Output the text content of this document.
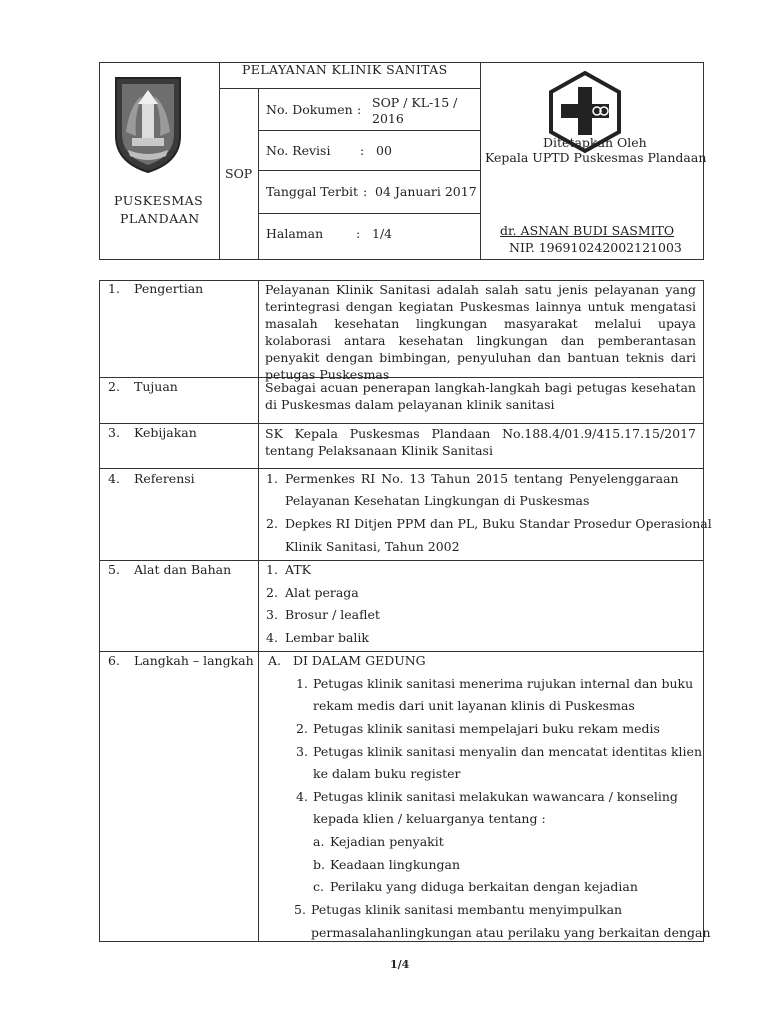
PUSKESMAS
PLANDAAN
PELAYANAN KLINIK SANITAS
SOP
No. Dokumen : SOP / KL-15 /
2016
No. Revisi : 00
Tanggal Terbit : 04 Januari 2017
Halaman	: 1/4
Ditetapkan Oleh
Kepala UPTD Puskesmas Plandaan
dr. ASNAN BUDI SASMITO
NIP. 196910242002121003
1. Pengertian	Pelayanan Klinik Sanitasi adalah salah satu jenis pelayanan yang terintegrasi dengan kegiatan Puskesmas lainnya untuk mengatasi masalah kesehatan lingkungan masyarakat melalui upaya kolaborasi antara kesehatan lingkungan dan pemberantasan penyakit dengan bimbingan, penyuluhan dan bantuan teknis dari petugas Puskesmas
2. Tujuan	Sebagai acuan penerapan langkah-langkah bagi petugas kesehatan di Puskesmas dalam pelayanan klinik sanitasi
3. Kebijakan	SK Kepala Puskesmas Plandaan No.188.4/01.9/415.17.15/2017 tentang Pelaksanaan Klinik Sanitasi
4. Referensi	1. Permenkes RI No. 13 Tahun 2015 tentang Penyelenggaraan
Pelayanan Kesehatan Lingkungan di Puskesmas
2. Depkes RI Ditjen PPM dan PL, Buku Standar Prosedur Operasional
Klinik Sanitasi, Tahun 2002
5. Alat dan Bahan	1. ATK
2. Alat peraga
3. Brosur / leaflet
4. Lembar balik
6. Langkah – langkah A. DI DALAM GEDUNG
1. Petugas klinik sanitasi menerima rujukan internal dan buku
rekam medis dari unit layanan klinis di Puskesmas
2. Petugas klinik sanitasi mempelajari buku rekam medis
3. Petugas klinik sanitasi menyalin dan mencatat identitas klien
ke dalam buku register
4. Petugas klinik sanitasi melakukan wawancara / konseling
kepada klien / keluarganya tentang :
a. Kejadian penyakit
b. Keadaan lingkungan
c. Perilaku yang diduga berkaitan dengan kejadian
5. Petugas klinik sanitasi membantu menyimpulkan
permasalahanlingkungan atau perilaku yang berkaitan dengan
1/4
